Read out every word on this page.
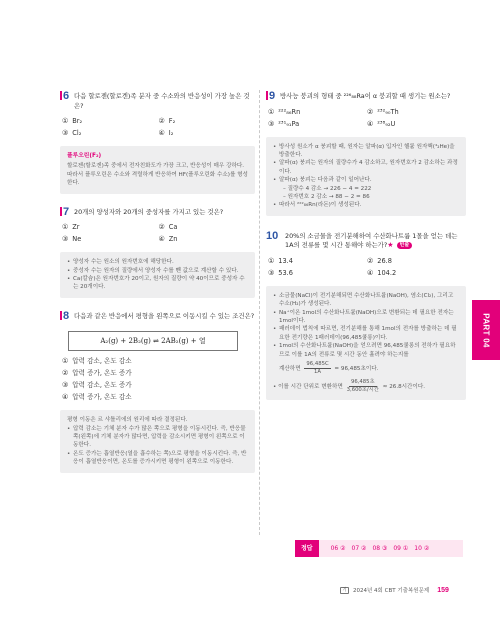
6 다음 할로젠(할로겐)족 분자 중 수소와의 반응성이 가장 높은 것은?
① Br₂	② F₂
③ Cl₂	④ I₂
플루오린(F₂)
할로젠(할로겐)족 중에서 전자친화도가 가장 크고, 반응성이 매우 강하다. 따라서 플루오린은 수소와 격렬하게 반응하여 HF(플루오린화 수소)를 형성한다.
7 20개의 양성자와 20개의 중성자를 가지고 있는 것은?
① Zr	② Ca
③ Ne	④ Zn
• 양성자 수는 원소의 원자번호에 해당한다.
• 중성자 수는 원자의 질량에서 양성자 수를 뺀 값으로 계산할 수 있다.
• Ca(칼슘)은 원자번호가 20이고, 원자의 질량이 약 40이므로 중성자 수는 20개이다.
8 다음과 같은 반응에서 평형을 왼쪽으로 이동시킬 수 있는 조건은?
A₂(g) + 2B₂(g) ⇌ 2AB₂(g) + 열
① 압력 감소, 온도 감소
② 압력 증가, 온도 증가
③ 압력 감소, 온도 증가
④ 압력 증가, 온도 감소
평형 이동은 르 샤틀리에의 원리에 따라 결정된다.
• 압력 감소는 기체 분자 수가 많은 쪽으로 평형을 이동시킨다. 즉, 반응물 쪽(왼쪽)에 기체 분자가 많다면, 압력을 감소시키면 평형이 왼쪽으로 이동한다.
• 온도 증가는 흡열반응(열을 흡수하는 쪽)으로 평형을 이동시킨다. 즉, 반응이 흡열반응이면, 온도를 증가시키면 평형이 왼쪽으로 이동한다.
9 방사능 붕괴의 형태 중 ²²⁶₈₈Ra이 α 붕괴할 때 생기는 원소는?
① ²²²₈₆Rn	② ²³²₉₀Th
③ ²³¹₉₁Pa	④ ²³⁸₉₂U
• 방사성 원소가 α 붕괴할 때, 원자는 알파(α) 입자인 헬륨 원자핵(⁴₂He)을 방출한다.
• 알파(α) 붕괴는 원자의 질량수가 4 감소하고, 원자번호가 2 감소하는 과정이다.
• 알파(α) 붕괴는 다음과 같이 일어난다.
– 질량수 4 감소 → 226 − 4 = 222
– 원자번호 2 감소 → 88 − 2 = 86
• 따라서 ²²²₈₆Rn(라돈)이 생성된다.
10	20%의 소금물을 전기분해하여 수산화나트륨 1몰을 얻는 데는 1A의 전류를 몇 시간 통해야 하는가?★ 빈출
① 13.4	② 26.8
③ 53.6	④ 104.2
• 소금물(NaCl)이 전기분해되면 수산화나트륨(NaOH), 염소(Cl₂), 그리고 수소(H₂)가 생성된다.
• Na⁺이온 1mol의 수산화나트륨(NaOH)으로 변환되는 데 필요한 전자는 1mol이다.
• 패러데이 법칙에 따르면, 전기분해를 통해 1mol의 전자를 방출하는 데 필요한 전기량은 1패러데이(96,485쿨롱)이다.
• 1mol의 수산화나트륨(NaOH)을 얻으려면 96,485쿨롱의 전하가 필요하므로 이를 1A의 전류로 몇 시간 동안 흘려야 하는지를
계산하면 $\frac{96,485C}{1A} = 96,485$초이다.
• 이를 시간 단위로 변환하면 $\frac{\text{96,485초}}{\text{3,600초/시간}} \approx 26.8$시간이다.
PART 04
정답	06 ② 07 ② 08 ③ 09 ① 10 ②
기	2024년 4회 CBT 기출복원문제 159
